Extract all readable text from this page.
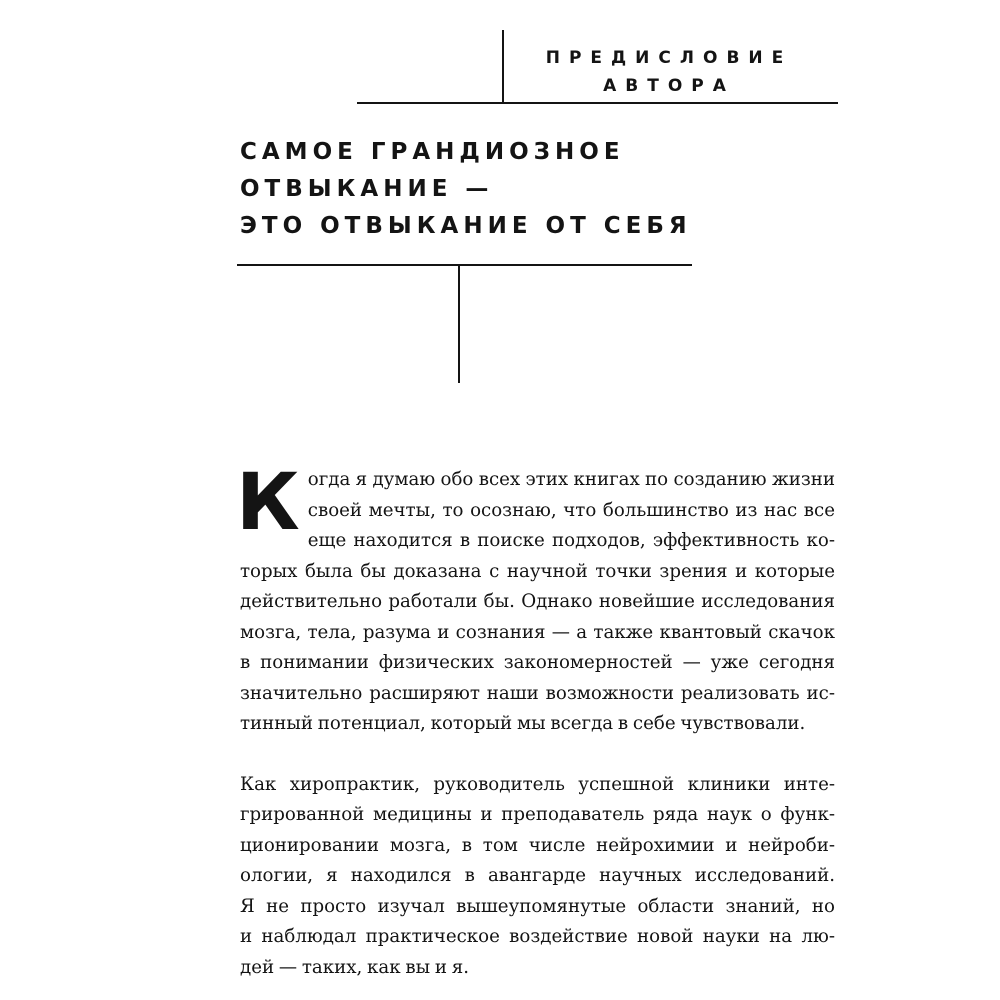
ПРЕДИСЛОВИЕ
АВТОРА
САМОЕ ГРАНДИОЗНОЕ
ОТВЫКАНИЕ —
ЭТО ОТВЫКАНИЕ ОТ СЕБЯ
К огда я думаю обо всех этих книгах по созданию жизни
своей мечты, то осознаю, что большинство из нас все
еще находится в поиске подходов, эффективность ко-
торых была бы доказана с научной точки зрения и которые
действительно работали бы. Однако новейшие исследования
мозга, тела, разума и сознания — а также квантовый скачок
в понимании физических закономерностей — уже сегодня
значительно расширяют наши возможности реализовать ис-
тинный потенциал, который мы всегда в себе чувствовали.
Как хиропрактик, руководитель успешной клиники инте-
грированной медицины и преподаватель ряда наук о функ-
ционировании мозга, в том числе нейрохимии и нейроби-
ологии, я находился в авангарде научных исследований.
Я не просто изучал вышеупомянутые области знаний, но
и наблюдал практическое воздействие новой науки на лю-
дей — таких, как вы и я.
